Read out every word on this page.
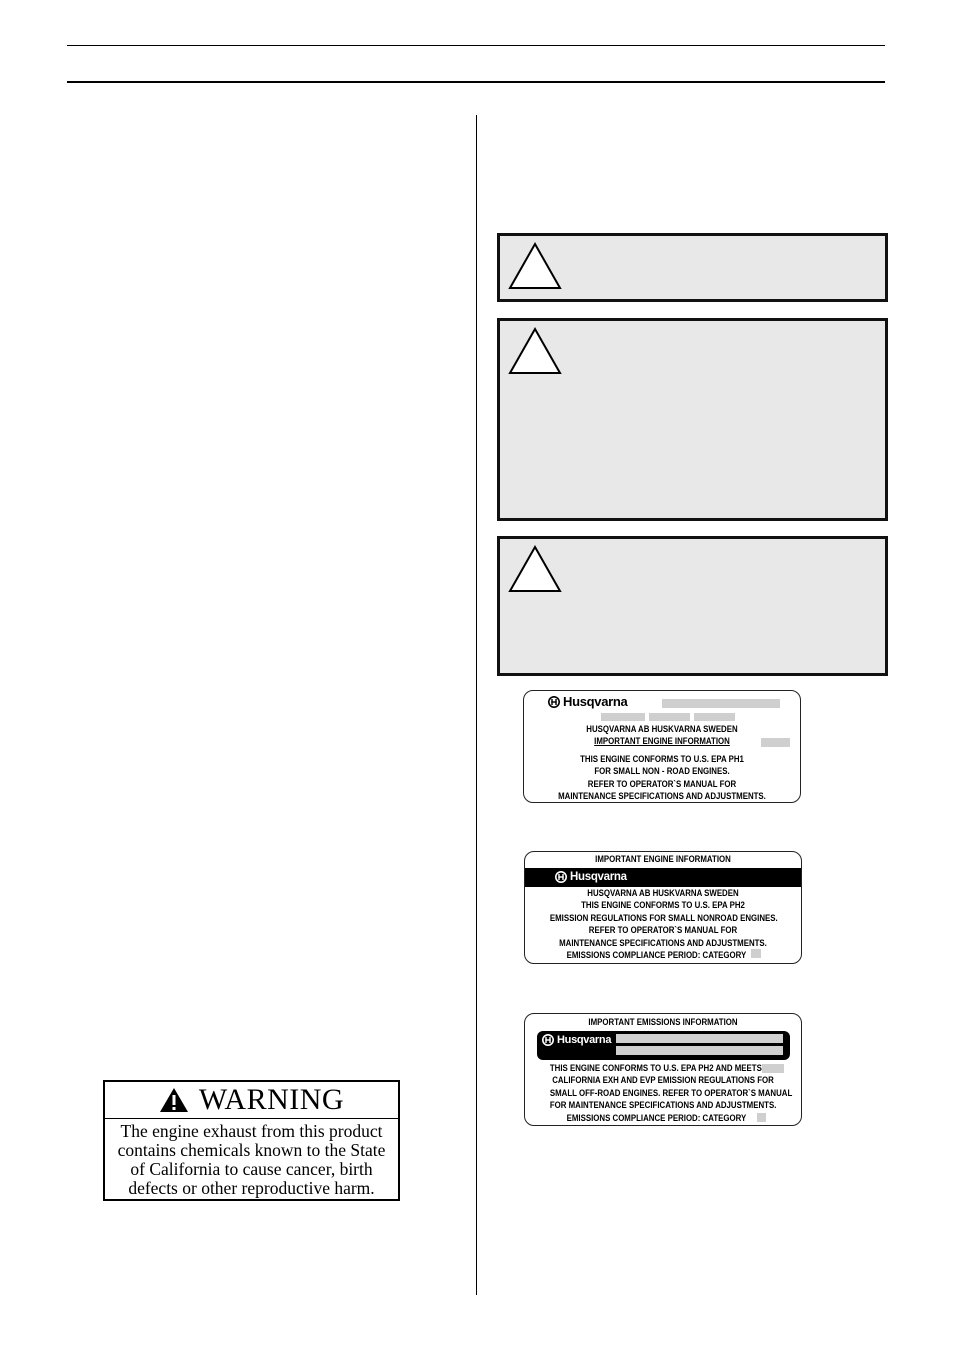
WARNING
The engine exhaust from this product
contains chemicals known to the State
of California to cause cancer, birth
defects or other reproductive harm.
Husqvarna
HUSQVARNA AB HUSKVARNA SWEDEN
IMPORTANT ENGINE INFORMATION
THIS ENGINE CONFORMS TO U.S. EPA PH1
FOR SMALL NON - ROAD ENGINES.
REFER TO OPERATOR`S MANUAL FOR
MAINTENANCE SPECIFICATIONS AND ADJUSTMENTS.
IMPORTANT ENGINE INFORMATION
Husqvarna
HUSQVARNA AB HUSKVARNA SWEDEN
THIS ENGINE CONFORMS TO U.S. EPA PH2
EMISSION REGULATIONS FOR SMALL NONROAD ENGINES.
REFER TO OPERATOR`S MANUAL FOR
MAINTENANCE SPECIFICATIONS AND ADJUSTMENTS.
EMISSIONS COMPLIANCE PERIOD: CATEGORY
IMPORTANT EMISSIONS INFORMATION
Husqvarna
THIS ENGINE CONFORMS TO U.S. EPA PH2 AND MEETS
CALIFORNIA EXH AND EVP EMISSION REGULATIONS FOR
SMALL OFF-ROAD ENGINES. REFER TO OPERATOR`S MANUAL
FOR MAINTENANCE SPECIFICATIONS AND ADJUSTMENTS.
EMISSIONS COMPLIANCE PERIOD: CATEGORY
